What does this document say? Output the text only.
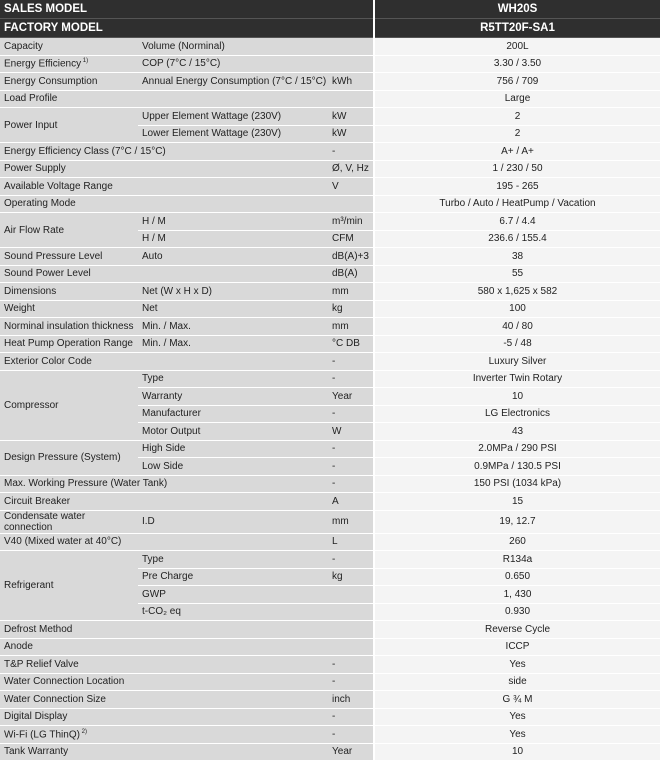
SALES MODEL			WH20S
FACTORY MODEL			R5TT20F-SA1
Capacity	Volume (Norminal)		200L
Energy Efficiency $^{1)}$	COP (7°C / 15°C)		3.30 / 3.50
Energy Consumption	Annual Energy Consumption (7°C / 15°C)	kWh	756 / 709
Load Profile			Large
Power Input	Upper Element Wattage (230V)	kW	2
	Lower Element Wattage (230V)	kW	2
Energy Efficiency Class (7°C / 15°C)		-	A+ / A+
Power Supply		Ø, V, Hz	1 / 230 / 50
Available Voltage Range		V	195 - 265
Operating Mode			Turbo / Auto / HeatPump / Vacation
Air Flow Rate	H / M	m³/min	6.7 / 4.4
	H / M	CFM	236.6 / 155.4
Sound Pressure Level	Auto	dB(A)+3	38
Sound Power Level		dB(A)	55
Dimensions	Net (W x H x D)	mm	580 x 1,625 x 582
Weight	Net	kg	100
Norminal insulation thickness	Min. / Max.	mm	40 / 80
Heat Pump Operation Range	Min. / Max.	°C DB	-5 / 48
Exterior Color Code		-	Luxury Silver
Compressor	Type	-	Inverter Twin Rotary
	Warranty	Year	10
	Manufacturer	-	LG Electronics
	Motor Output	W	43
Design Pressure (System)	High Side	-	2.0MPa / 290 PSI
	Low Side	-	0.9MPa / 130.5 PSI
Max. Working Pressure (Water Tank)		-	150 PSI (1034 kPa)
Circuit Breaker		A	15
Condensate water connection	I.D	mm	19, 12.7
V40 (Mixed water at 40°C)		L	260
Refrigerant	Type	-	R134a
	Pre Charge	kg	0.650
	GWP		1, 430
	t-CO₂ eq		0.930
Defrost Method			Reverse Cycle
Anode			ICCP
T&P Relief Valve		-	Yes
Water Connection Location		-	side
Water Connection Size		inch	G ¾ M
Digital Display		-	Yes
Wi-Fi (LG ThinQ) $^{2)}$		-	Yes
Tank Warranty		Year	10
